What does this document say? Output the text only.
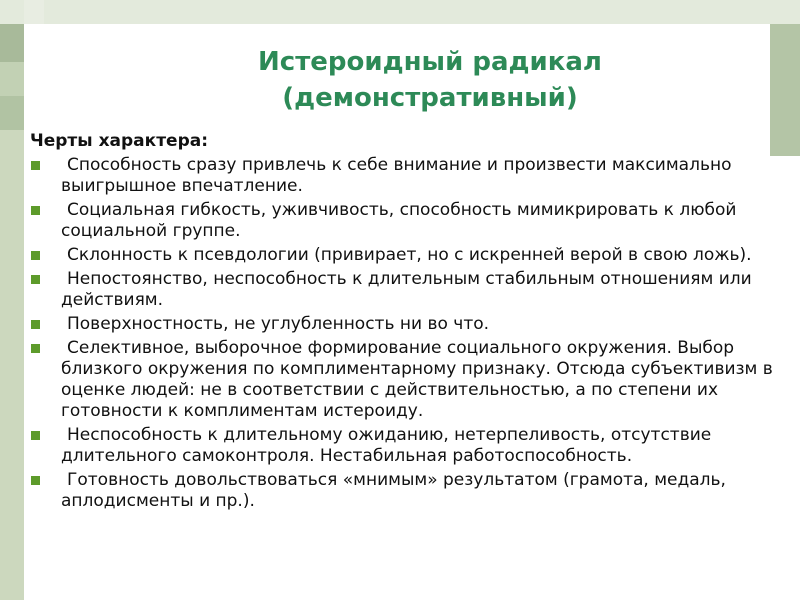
Истероидный радикал
(демонстративный)

Черты характера:

Способность сразу привлечь к себе внимание и произвести максимально выигрышное впечатление.
Социальная гибкость, уживчивость, способность мимикрировать к любой социальной группе.
Склонность к псевдологии (привирает, но с искренней верой в свою ложь).
Непостоянство, неспособность к длительным стабильным отношениям или действиям.
Поверхностность, не углубленность ни во что.
Селективное, выборочное формирование социального окружения. Выбор близкого окружения по комплиментарному признаку. Отсюда субъективизм в оценке людей: не в соответствии с действительностью, а по степени их готовности к комплиментам истероиду.
Неспособность к длительному ожиданию, нетерпеливость, отсутствие длительного самоконтроля. Нестабильная работоспособность.
Готовность довольствоваться «мнимым» результатом (грамота, медаль, аплодисменты и пр.).
